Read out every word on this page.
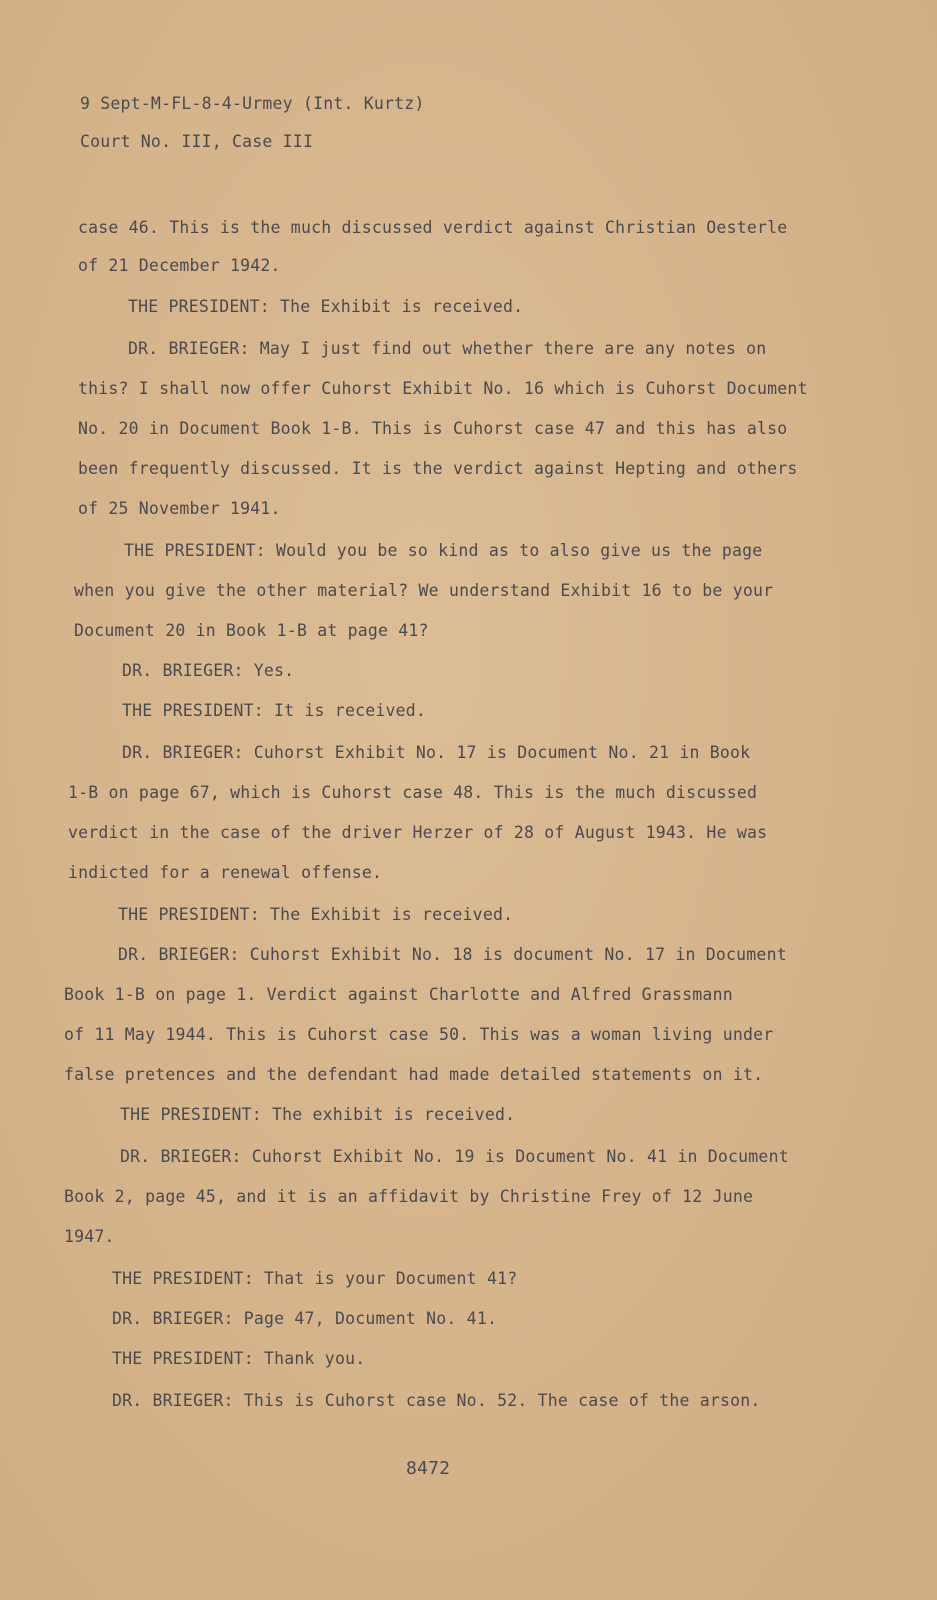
9 Sept-M-FL-8-4-Urmey (Int. Kurtz)
Court No. III, Case III
case 46. This is the much discussed verdict against Christian Oesterle
of 21 December 1942.
THE PRESIDENT: The Exhibit is received.
DR. BRIEGER: May I just find out whether there are any notes on
this? I shall now offer Cuhorst Exhibit No. 16 which is Cuhorst Document
No. 20 in Document Book 1-B. This is Cuhorst case 47 and this has also
been frequently discussed. It is the verdict against Hepting and others
of 25 November 1941.
THE PRESIDENT: Would you be so kind as to also give us the page
when you give the other material? We understand Exhibit 16 to be your
Document 20 in Book 1-B at page 41?
DR. BRIEGER: Yes.
THE PRESIDENT: It is received.
DR. BRIEGER: Cuhorst Exhibit No. 17 is Document No. 21 in Book
1-B on page 67, which is Cuhorst case 48. This is the much discussed
verdict in the case of the driver Herzer of 28 of August 1943. He was
indicted for a renewal offense.
THE PRESIDENT: The Exhibit is received.
DR. BRIEGER: Cuhorst Exhibit No. 18 is document No. 17 in Document
Book 1-B on page 1. Verdict against Charlotte and Alfred Grassmann
of 11 May 1944. This is Cuhorst case 50. This was a woman living under
false pretences and the defendant had made detailed statements on it.
THE PRESIDENT: The exhibit is received.
DR. BRIEGER: Cuhorst Exhibit No. 19 is Document No. 41 in Document
Book 2, page 45, and it is an affidavit by Christine Frey of 12 June
1947.
THE PRESIDENT: That is your Document 41?
DR. BRIEGER: Page 47, Document No. 41.
THE PRESIDENT: Thank you.
DR. BRIEGER: This is Cuhorst case No. 52. The case of the arson.
8472
